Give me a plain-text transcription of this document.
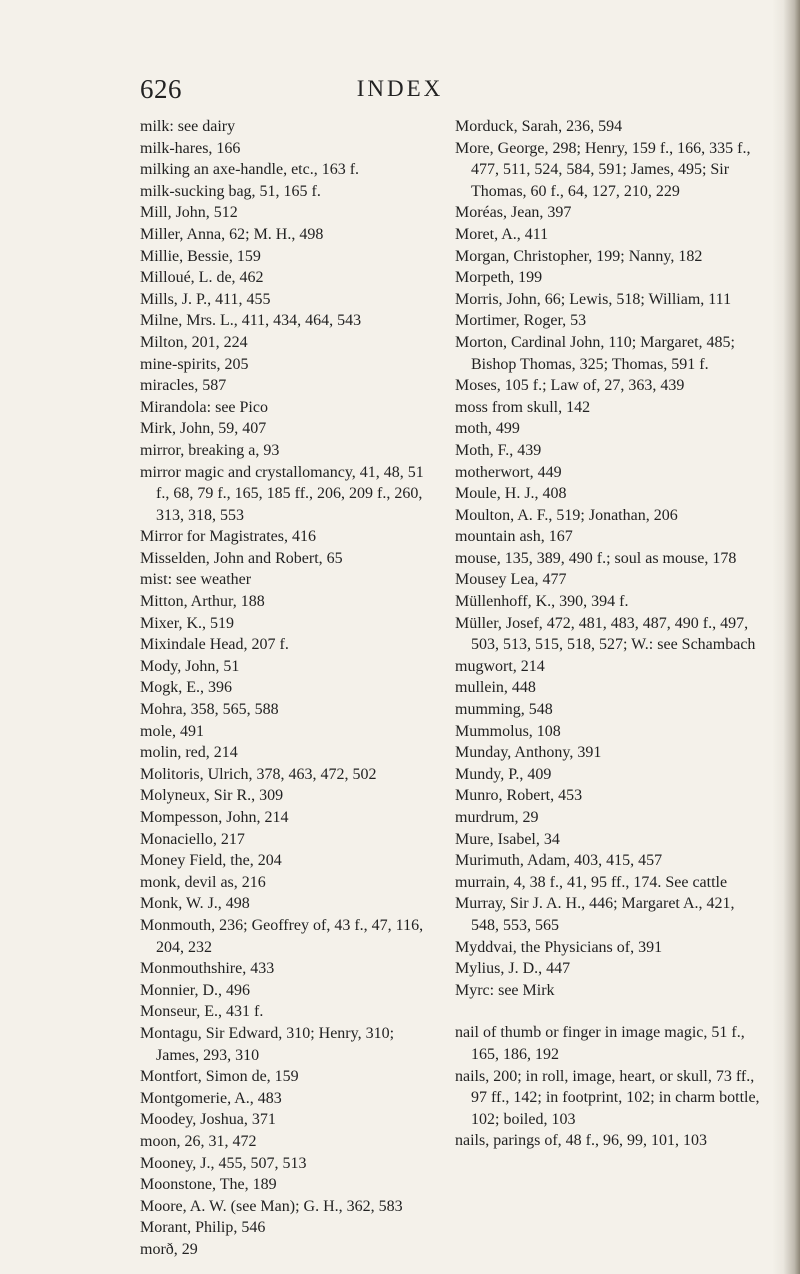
626	INDEX

milk: see dairy

milk-hares, 166

milking an axe-handle, etc., 163 f.

milk-sucking bag, 51, 165 f.

Mill, John, 512

Miller, Anna, 62; M. H., 498

Millie, Bessie, 159

Milloué, L. de, 462

Mills, J. P., 411, 455

Milne, Mrs. L., 411, 434, 464, 543

Milton, 201, 224

mine-spirits, 205

miracles, 587

Mirandola: see Pico

Mirk, John, 59, 407

mirror, breaking a, 93

mirror magic and crystallomancy, 41, 48, 51 f., 68, 79 f., 165, 185 ff., 206, 209 f., 260, 313, 318, 553

Mirror for Magistrates, 416

Misselden, John and Robert, 65

mist: see weather

Mitton, Arthur, 188

Mixer, K., 519

Mixindale Head, 207 f.

Mody, John, 51

Mogk, E., 396

Mohra, 358, 565, 588

mole, 491

molin, red, 214

Molitoris, Ulrich, 378, 463, 472, 502

Molyneux, Sir R., 309

Mompesson, John, 214

Monaciello, 217

Money Field, the, 204

monk, devil as, 216

Monk, W. J., 498

Monmouth, 236; Geoffrey of, 43 f., 47, 116, 204, 232

Monmouthshire, 433

Monnier, D., 496

Monseur, E., 431 f.

Montagu, Sir Edward, 310; Henry, 310; James, 293, 310

Montfort, Simon de, 159

Montgomerie, A., 483

Moodey, Joshua, 371

moon, 26, 31, 472

Mooney, J., 455, 507, 513

Moonstone, The, 189

Moore, A. W. (see Man); G. H., 362, 583

Morant, Philip, 546

morð, 29

Morduck, Sarah, 236, 594

More, George, 298; Henry, 159 f., 166, 335 f., 477, 511, 524, 584, 591; James, 495; Sir Thomas, 60 f., 64, 127, 210, 229

Moréas, Jean, 397

Moret, A., 411

Morgan, Christopher, 199; Nanny, 182

Morpeth, 199

Morris, John, 66; Lewis, 518; William, 111

Mortimer, Roger, 53

Morton, Cardinal John, 110; Margaret, 485; Bishop Thomas, 325; Thomas, 591 f.

Moses, 105 f.; Law of, 27, 363, 439

moss from skull, 142

moth, 499

Moth, F., 439

motherwort, 449

Moule, H. J., 408

Moulton, A. F., 519; Jonathan, 206

mountain ash, 167

mouse, 135, 389, 490 f.; soul as mouse, 178

Mousey Lea, 477

Müllenhoff, K., 390, 394 f.

Müller, Josef, 472, 481, 483, 487, 490 f., 497, 503, 513, 515, 518, 527; W.: see Schambach

mugwort, 214

mullein, 448

mumming, 548

Mummolus, 108

Munday, Anthony, 391

Mundy, P., 409

Munro, Robert, 453

murdrum, 29

Mure, Isabel, 34

Murimuth, Adam, 403, 415, 457

murrain, 4, 38 f., 41, 95 ff., 174. See cattle

Murray, Sir J. A. H., 446; Margaret A., 421, 548, 553, 565

Myddvai, the Physicians of, 391

Mylius, J. D., 447

Myrc: see Mirk

nail of thumb or finger in image magic, 51 f., 165, 186, 192

nails, 200; in roll, image, heart, or skull, 73 ff., 97 ff., 142; in footprint, 102; in charm bottle, 102; boiled, 103

nails, parings of, 48 f., 96, 99, 101, 103
